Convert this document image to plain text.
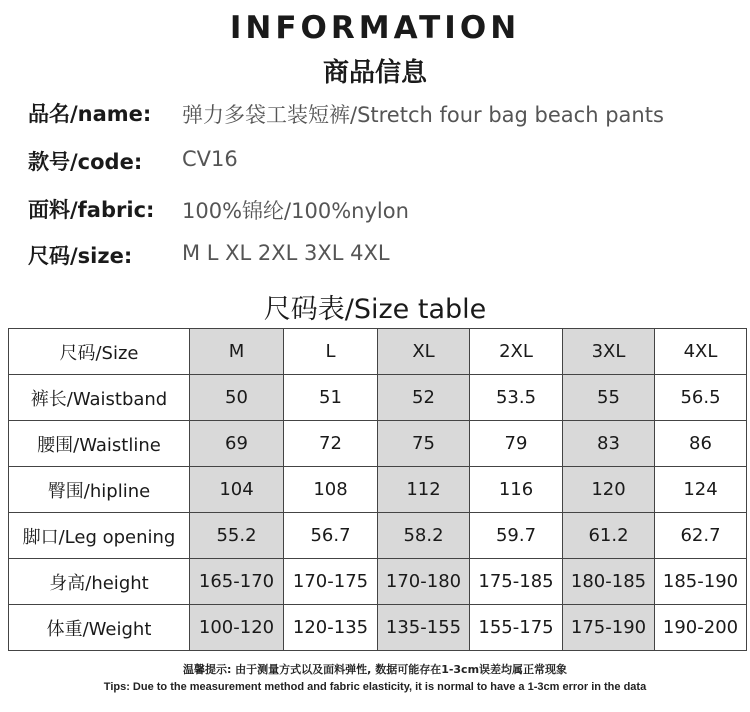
INFORMATION
商品信息
品名/name: 弹力多袋工装短裤/Stretch four bag beach pants
款号/code: CV16
面料/fabric: 100%锦纶/100%nylon
尺码/size: M L XL 2XL 3XL 4XL
尺码表/Size table
尺码/Size	M	L	XL	2XL	3XL	4XL
裤长/Waistband	50	51	52	53.5	55	56.5
腰围/Waistline	69	72	75	79	83	86
臀围/hipline	104	108	112	116	120	124
脚口/Leg opening	55.2	56.7	58.2	59.7	61.2	62.7
身高/height	165-170	170-175	170-180	175-185	180-185	185-190
体重/Weight	100-120	120-135	135-155	155-175	175-190	190-200
温馨提示: 由于测量方式以及面料弹性, 数据可能存在1-3cm误差均属正常现象
Tips: Due to the measurement method and fabric elasticity, it is normal to have a 1-3cm error in the data
